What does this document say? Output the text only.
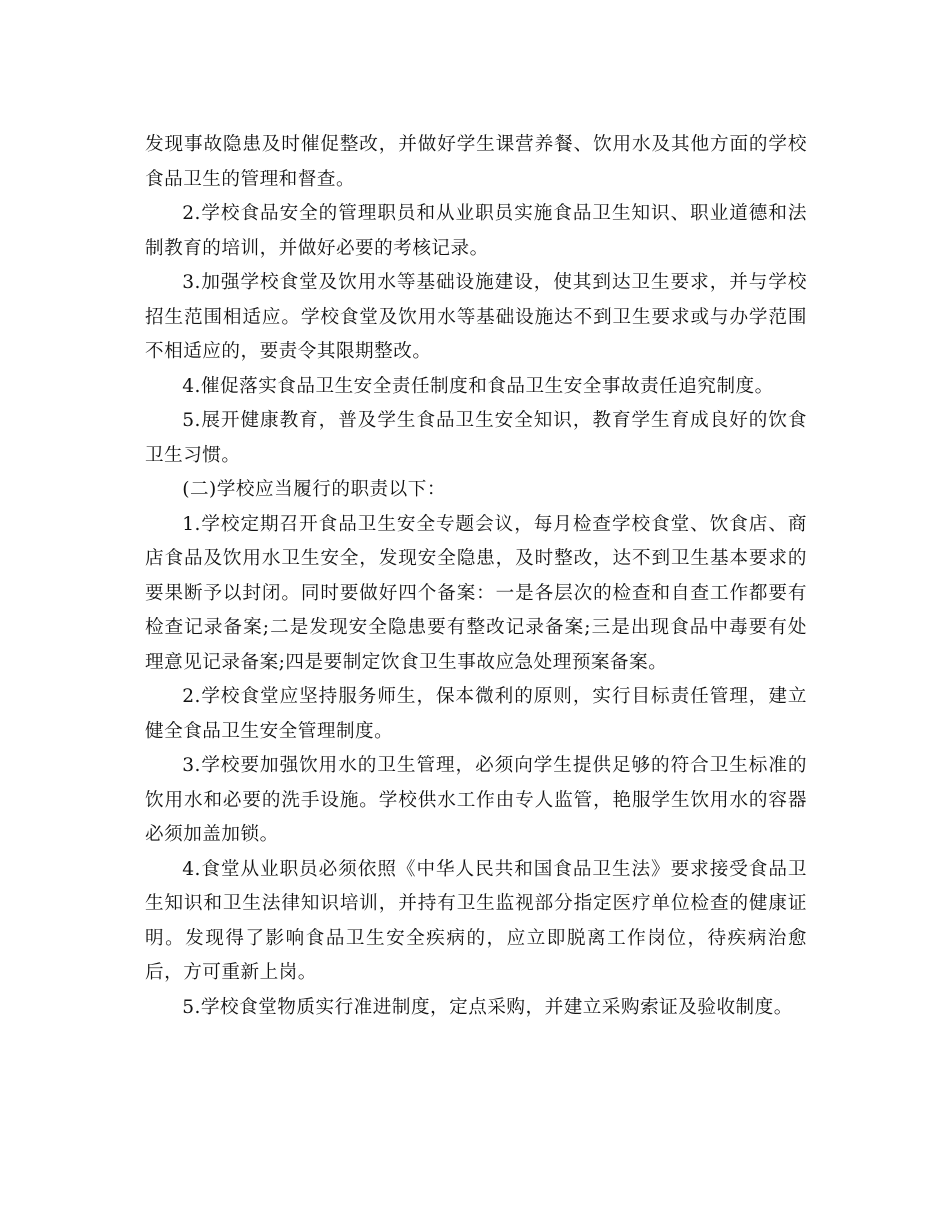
发现事故隐患及时催促整改，并做好学生课营养餐、饮用水及其他方面的学校食品卫生的管理和督查。

2.学校食品安全的管理职员和从业职员实施食品卫生知识、职业道德和法制教育的培训，并做好必要的考核记录。

3.加强学校食堂及饮用水等基础设施建设，使其到达卫生要求，并与学校招生范围相适应。学校食堂及饮用水等基础设施达不到卫生要求或与办学范围不相适应的，要责令其限期整改。

4.催促落实食品卫生安全责任制度和食品卫生安全事故责任追究制度。

5.展开健康教育，普及学生食品卫生安全知识，教育学生育成良好的饮食卫生习惯。

(二)学校应当履行的职责以下：

1.学校定期召开食品卫生安全专题会议，每月检查学校食堂、饮食店、商店食品及饮用水卫生安全，发现安全隐患，及时整改，达不到卫生基本要求的要果断予以封闭。同时要做好四个备案：一是各层次的检查和自查工作都要有检查记录备案;二是发现安全隐患要有整改记录备案;三是出现食品中毒要有处理意见记录备案;四是要制定饮食卫生事故应急处理预案备案。

2.学校食堂应坚持服务师生，保本微利的原则，实行目标责任管理，建立健全食品卫生安全管理制度。

3.学校要加强饮用水的卫生管理，必须向学生提供足够的符合卫生标准的饮用水和必要的洗手设施。学校供水工作由专人监管，艳服学生饮用水的容器必须加盖加锁。

4.食堂从业职员必须依照《中华人民共和国食品卫生法》要求接受食品卫生知识和卫生法律知识培训，并持有卫生监视部分指定医疗单位检查的健康证明。发现得了影响食品卫生安全疾病的，应立即脱离工作岗位，待疾病治愈后，方可重新上岗。

5.学校食堂物质实行准进制度，定点采购，并建立采购索证及验收制度。
